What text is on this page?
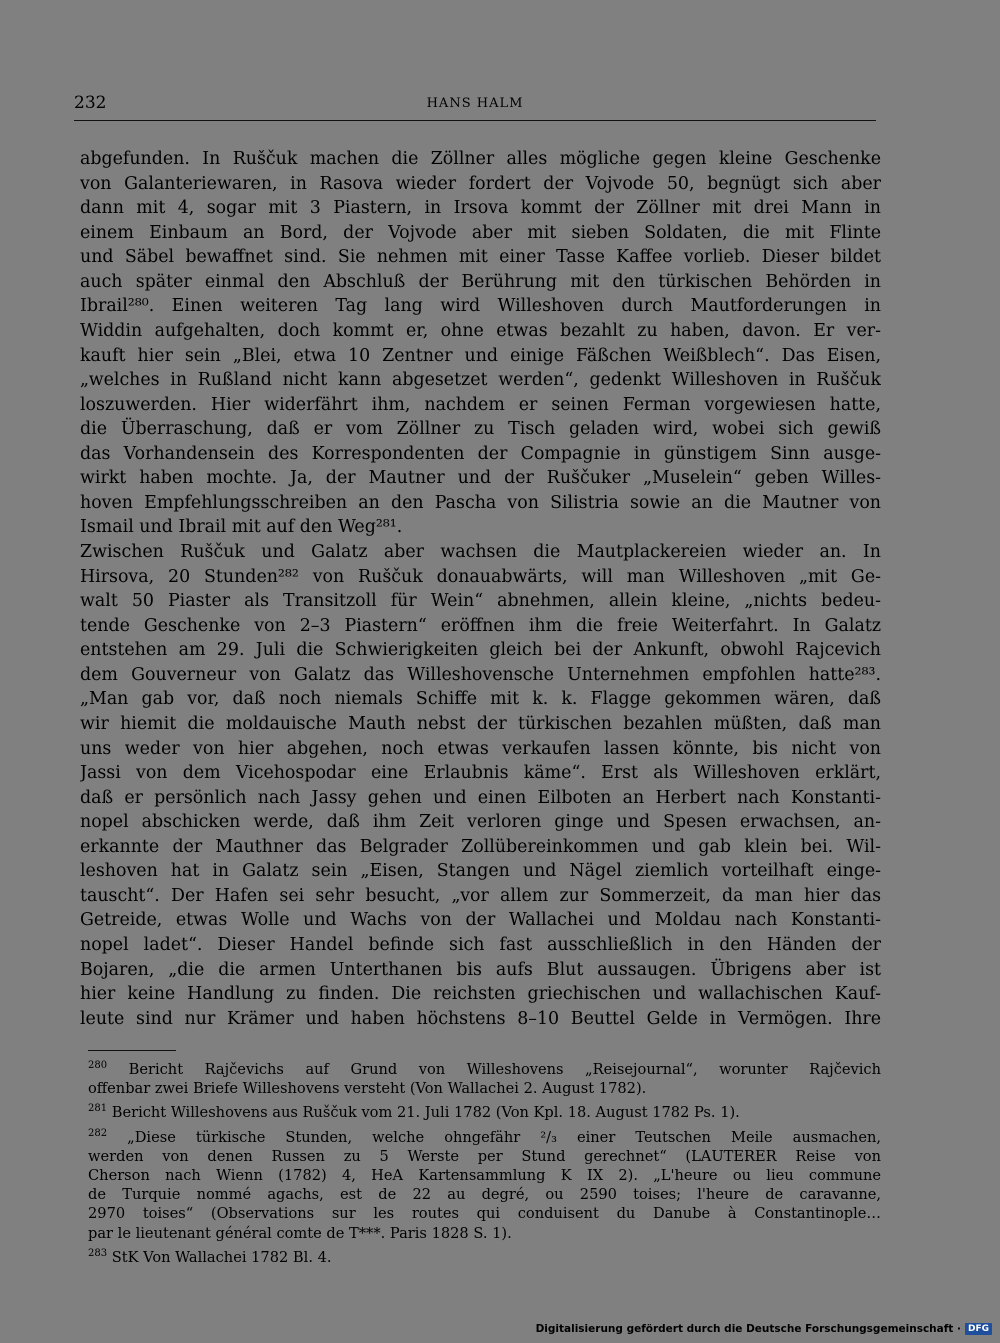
232	HANS HALM
abgefunden. In Ruščuk machen die Zöllner alles mögliche gegen kleine Geschenke
von Galanteriewaren, in Rasova wieder fordert der Vojvode 50, begnügt sich aber
dann mit 4, sogar mit 3 Piastern, in Irsova kommt der Zöllner mit drei Mann in
einem Einbaum an Bord, der Vojvode aber mit sieben Soldaten, die mit Flinte
und Säbel bewaffnet sind. Sie nehmen mit einer Tasse Kaffee vorlieb. Dieser bildet
auch später einmal den Abschluß der Berührung mit den türkischen Behörden in
Ibrail²⁸⁰. Einen weiteren Tag lang wird Willeshoven durch Mautforderungen in
Widdin aufgehalten, doch kommt er, ohne etwas bezahlt zu haben, davon. Er ver-
kauft hier sein „Blei, etwa 10 Zentner und einige Fäßchen Weißblech“. Das Eisen,
„welches in Rußland nicht kann abgesetzet werden“, gedenkt Willeshoven in Ruščuk
loszuwerden. Hier widerfährt ihm, nachdem er seinen Ferman vorgewiesen hatte,
die Überraschung, daß er vom Zöllner zu Tisch geladen wird, wobei sich gewiß
das Vorhandensein des Korrespondenten der Compagnie in günstigem Sinn ausge-
wirkt haben mochte. Ja, der Mautner und der Ruščuker „Muselein“ geben Willes-
hoven Empfehlungsschreiben an den Pascha von Silistria sowie an die Mautner von
Ismail und Ibrail mit auf den Weg²⁸¹.
Zwischen Ruščuk und Galatz aber wachsen die Mautplackereien wieder an. In
Hirsova, 20 Stunden²⁸² von Ruščuk donauabwärts, will man Willeshoven „mit Ge-
walt 50 Piaster als Transitzoll für Wein“ abnehmen, allein kleine, „nichts bedeu-
tende Geschenke von 2–3 Piastern“ eröffnen ihm die freie Weiterfahrt. In Galatz
entstehen am 29. Juli die Schwierigkeiten gleich bei der Ankunft, obwohl Rajcevich
dem Gouverneur von Galatz das Willeshovensche Unternehmen empfohlen hatte²⁸³.
„Man gab vor, daß noch niemals Schiffe mit k. k. Flagge gekommen wären, daß
wir hiemit die moldauische Mauth nebst der türkischen bezahlen müßten, daß man
uns weder von hier abgehen, noch etwas verkaufen lassen könnte, bis nicht von
Jassi von dem Vicehospodar eine Erlaubnis käme“. Erst als Willeshoven erklärt,
daß er persönlich nach Jassy gehen und einen Eilboten an Herbert nach Konstanti-
nopel abschicken werde, daß ihm Zeit verloren ginge und Spesen erwachsen, an-
erkannte der Mauthner das Belgrader Zollübereinkommen und gab klein bei. Wil-
leshoven hat in Galatz sein „Eisen, Stangen und Nägel ziemlich vorteilhaft einge-
tauscht“. Der Hafen sei sehr besucht, „vor allem zur Sommerzeit, da man hier das
Getreide, etwas Wolle und Wachs von der Wallachei und Moldau nach Konstanti-
nopel ladet“. Dieser Handel befinde sich fast ausschließlich in den Händen der
Bojaren, „die die armen Unterthanen bis aufs Blut aussaugen. Übrigens aber ist
hier keine Handlung zu finden. Die reichsten griechischen und wallachischen Kauf-
leute sind nur Krämer und haben höchstens 8–10 Beuttel Gelde in Vermögen. Ihre
$^{280}$ Bericht Rajčevichs auf Grund von Willeshovens „Reisejournal“, worunter Rajčevich
offenbar zwei Briefe Willeshovens versteht (Von Wallachei 2. August 1782).
$^{281}$ Bericht Willeshovens aus Ruščuk vom 21. Juli 1782 (Von Kpl. 18. August 1782 Ps. 1).
$^{282}$ „Diese türkische Stunden, welche ohngefähr ²/₃ einer Teutschen Meile ausmachen,
werden von denen Russen zu 5 Werste per Stund gerechnet“ (LAUTERER Reise von
Cherson nach Wienn (1782) 4, HeA Kartensammlung K IX 2). „L'heure ou lieu commune
de Turquie nommé agachs, est de 22 au degré, ou 2590 toises; l'heure de caravanne,
2970 toises“ (Observations sur les routes qui conduisent du Danube à Constantinople…
par le lieutenant général comte de T***. Paris 1828 S. 1).
$^{283}$ StK Von Wallachei 1782 Bl. 4.
Digitalisierung gefördert durch die Deutsche Forschungsgemeinschaft · DFG
